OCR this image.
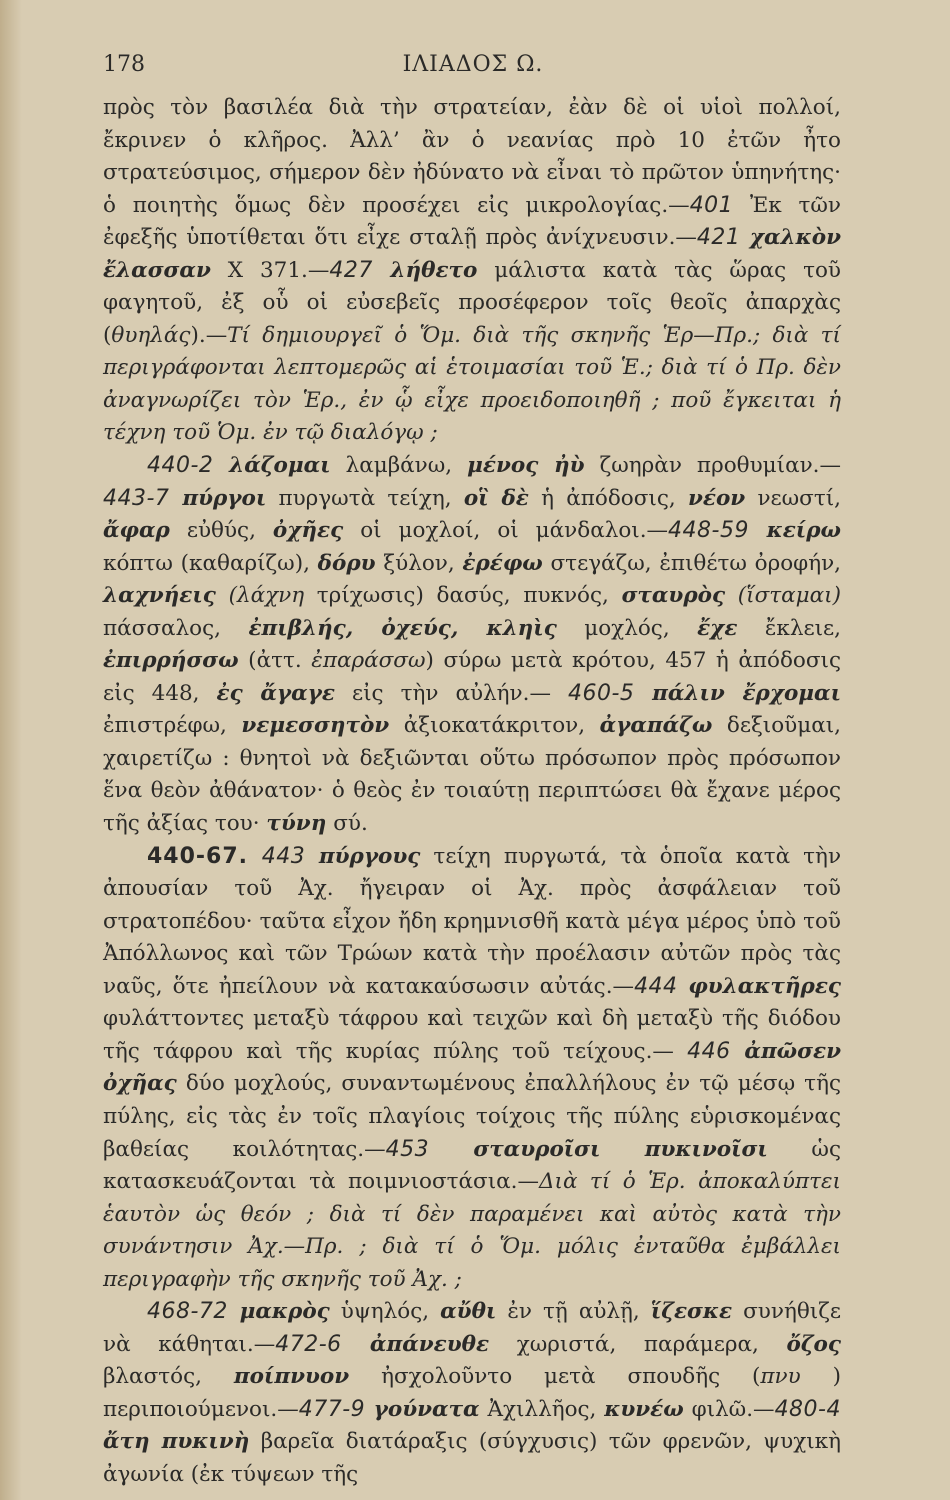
178	ΙΛΙΑΔΟΣ Ω.

πρὸς τὸν βασιλέα διὰ τὴν στρατείαν, ἐὰν δὲ οἱ υἱοὶ πολλοί, ἔκρινεν ὁ κλῆρος. Ἀλλ’ ἂν ὁ νεανίας πρὸ 10 ἐτῶν ἦτο στρατεύσιμος, σήμερον δὲν ἠδύνατο νὰ εἶναι τὸ πρῶτον ὑπηνήτης· ὁ ποιητὴς ὅμως δὲν προσέχει εἰς μικρολογίας.—401 Ἐκ τῶν ἐφεξῆς ὑποτίθεται ὅτι εἶχε σταλῇ πρὸς ἀνίχνευσιν.—421 χαλκὸν ἔλασσαν Χ 371.—427 λήθετο μάλιστα κατὰ τὰς ὥρας τοῦ φαγητοῦ, ἐξ οὗ οἱ εὐσεβεῖς προσέφερον τοῖς θεοῖς ἀπαρχὰς (θυηλάς).—Τί δημιουργεῖ ὁ Ὅμ. διὰ τῆς σκηνῆς Ἑρ—Πρ.; διὰ τί περιγράφονται λεπτομερῶς αἱ ἑτοιμασίαι τοῦ Ἑ.; διὰ τί ὁ Πρ. δὲν ἀναγνωρίζει τὸν Ἑρ., ἐν ᾧ εἶχε προειδοποιηθῆ ; ποῦ ἔγκειται ἡ τέχνη τοῦ Ὁμ. ἐν τῷ διαλόγῳ ;

440-2 λάζομαι λαμβάνω, μένος ἠὺ ζωηρὰν προθυμίαν.— 443-7 πύργοι πυργωτὰ τείχη, οἳ δὲ ἡ ἀπόδοσις, νέον νεωστί, ἄφαρ εὐθύς, ὀχῆες οἱ μοχλοί, οἱ μάνδαλοι.—448-59 κείρω κόπτω (καθαρίζω), δόρυ ξύλον, ἐρέφω στεγάζω, ἐπιθέτω ὀροφήν, λαχνήεις (λάχνη τρίχωσις) δασύς, πυκνός, σταυρὸς (ἵσταμαι) πάσσαλος, ἐπιβλής, ὀχεύς, κληὶς μοχλός, ἔχε ἔκλειε, ἐπιρρήσσω (ἀττ. ἐπαράσσω) σύρω μετὰ κρότου, 457 ἡ ἀπόδοσις εἰς 448, ἐς ἄγαγε εἰς τὴν αὐλήν.— 460-5 πάλιν ἔρχομαι ἐπιστρέφω, νεμεσσητὸν ἀξιοκατάκριτον, ἀγαπάζω δεξιοῦμαι, χαιρετίζω : θνητοὶ νὰ δεξιῶνται οὕτω πρόσωπον πρὸς πρόσωπον ἕνα θεὸν ἀθάνατον· ὁ θεὸς ἐν τοιαύτῃ περιπτώσει θὰ ἔχανε μέρος τῆς ἀξίας του· τύνη σύ.

440-67. 443 πύργους τείχη πυργωτά, τὰ ὁποῖα κατὰ τὴν ἀπουσίαν τοῦ Ἀχ. ἤγειραν οἱ Ἀχ. πρὸς ἀσφάλειαν τοῦ στρατοπέδου· ταῦτα εἶχον ἤδη κρημνισθῆ κατὰ μέγα μέρος ὑπὸ τοῦ Ἀπόλλωνος καὶ τῶν Τρώων κατὰ τὴν προέλασιν αὐτῶν πρὸς τὰς ναῦς, ὅτε ἠπείλουν νὰ κατακαύσωσιν αὐτάς.—444 φυλακτῆρες φυλάττοντες μεταξὺ τάφρου καὶ τειχῶν καὶ δὴ μεταξὺ τῆς διόδου τῆς τάφρου καὶ τῆς κυρίας πύλης τοῦ τείχους.— 446 ἀπῶσεν ὀχῆας δύο μοχλούς, συναντωμένους ἐπαλλήλους ἐν τῷ μέσῳ τῆς πύλης, εἰς τὰς ἐν τοῖς πλαγίοις τοίχοις τῆς πύλης εὑρισκομένας βαθείας κοιλότητας.—453 σταυροῖσι πυκινοῖσι ὡς κατασκευάζονται τὰ ποιμνιοστάσια.—Διὰ τί ὁ Ἑρ. ἀποκαλύπτει ἑαυτὸν ὡς θεόν ; διὰ τί δὲν παραμένει καὶ αὐτὸς κατὰ τὴν συνάντησιν Ἀχ.—Πρ. ; διὰ τί ὁ Ὅμ. μόλις ἐνταῦθα ἐμβάλλει περιγραφὴν τῆς σκηνῆς τοῦ Ἀχ. ;

468-72 μακρὸς ὑψηλός, αὔθι ἐν τῇ αὐλῇ, ἵζεσκε συνήθιζε νὰ κάθηται.—472-6 ἀπάνευθε χωριστά, παράμερα, ὄζος βλαστός, ποίπνυον ἠσχολοῦντο μετὰ σπουδῆς (πνυ ) περιποιούμενοι.—477-9 γούνατα Ἀχιλλῆος, κυνέω φιλῶ.—480-4 ἄτη πυκινὴ βαρεῖα διατάραξις (σύγχυσις) τῶν φρενῶν, ψυχικὴ ἀγωνία (ἐκ τύψεων τῆς
